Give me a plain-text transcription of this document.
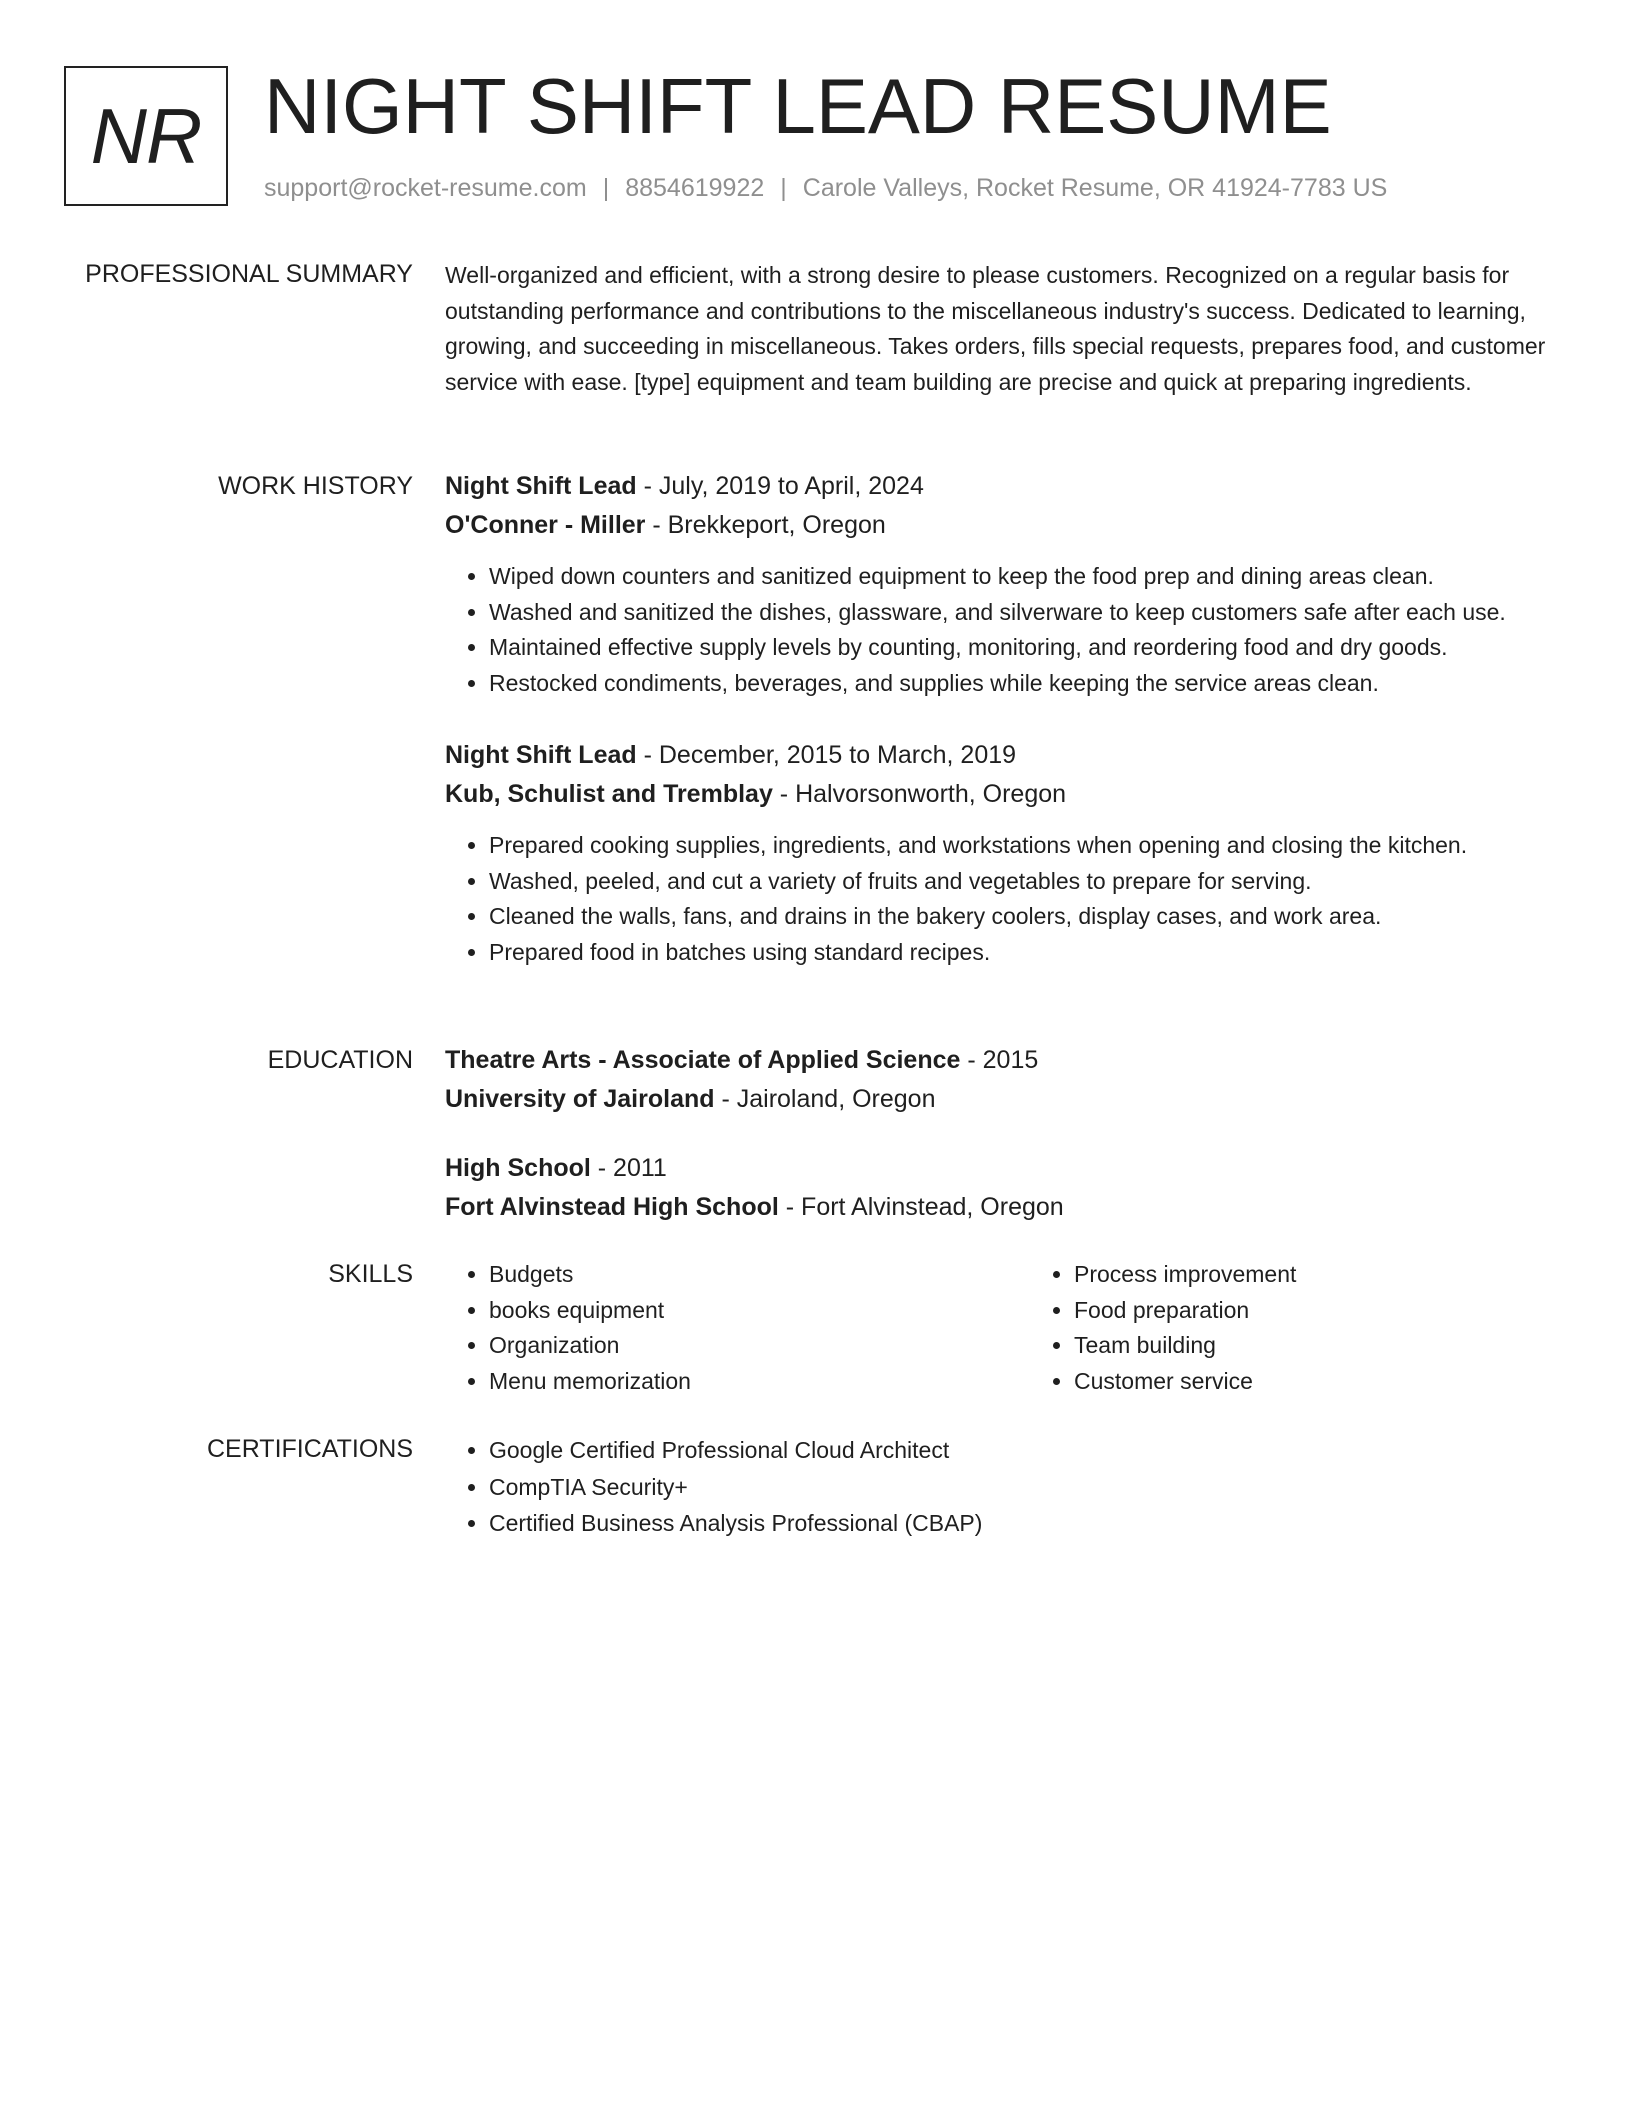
NR NIGHT SHIFT LEAD RESUME
support@rocket-resume.com | 8854619922 | Carole Valleys, Rocket Resume, OR 41924-7783 US
PROFESSIONAL SUMMARY Well-organized and efficient, with a strong desire to please customers. Recognized on a regular basis for outstanding performance and contributions to the miscellaneous industry's success. Dedicated to learning, growing, and succeeding in miscellaneous. Takes orders, fills special requests, prepares food, and customer service with ease. [type] equipment and team building are precise and quick at preparing ingredients.

WORK HISTORY Night Shift Lead - July, 2019 to April, 2024
O'Conner - Miller - Brekkeport, Oregon
• Wiped down counters and sanitized equipment to keep the food prep and dining areas clean.
• Washed and sanitized the dishes, glassware, and silverware to keep customers safe after each use.
• Maintained effective supply levels by counting, monitoring, and reordering food and dry goods.
• Restocked condiments, beverages, and supplies while keeping the service areas clean.
Night Shift Lead - December, 2015 to March, 2019
Kub, Schulist and Tremblay - Halvorsonworth, Oregon
• Prepared cooking supplies, ingredients, and workstations when opening and closing the kitchen.
• Washed, peeled, and cut a variety of fruits and vegetables to prepare for serving.
• Cleaned the walls, fans, and drains in the bakery coolers, display cases, and work area.
• Prepared food in batches using standard recipes.
EDUCATION Theatre Arts - Associate of Applied Science - 2015
University of Jairoland - Jairoland, Oregon
High School - 2011
Fort Alvinstead High School - Fort Alvinstead, Oregon
SKILLS	• Budgets
• books equipment
• Organization
• Menu memorization
• Process improvement
• Food preparation
• Team building
• Customer service
CERTIFICATIONS	• Google Certified Professional Cloud Architect
• CompTIA Security+
• Certified Business Analysis Professional (CBAP)
